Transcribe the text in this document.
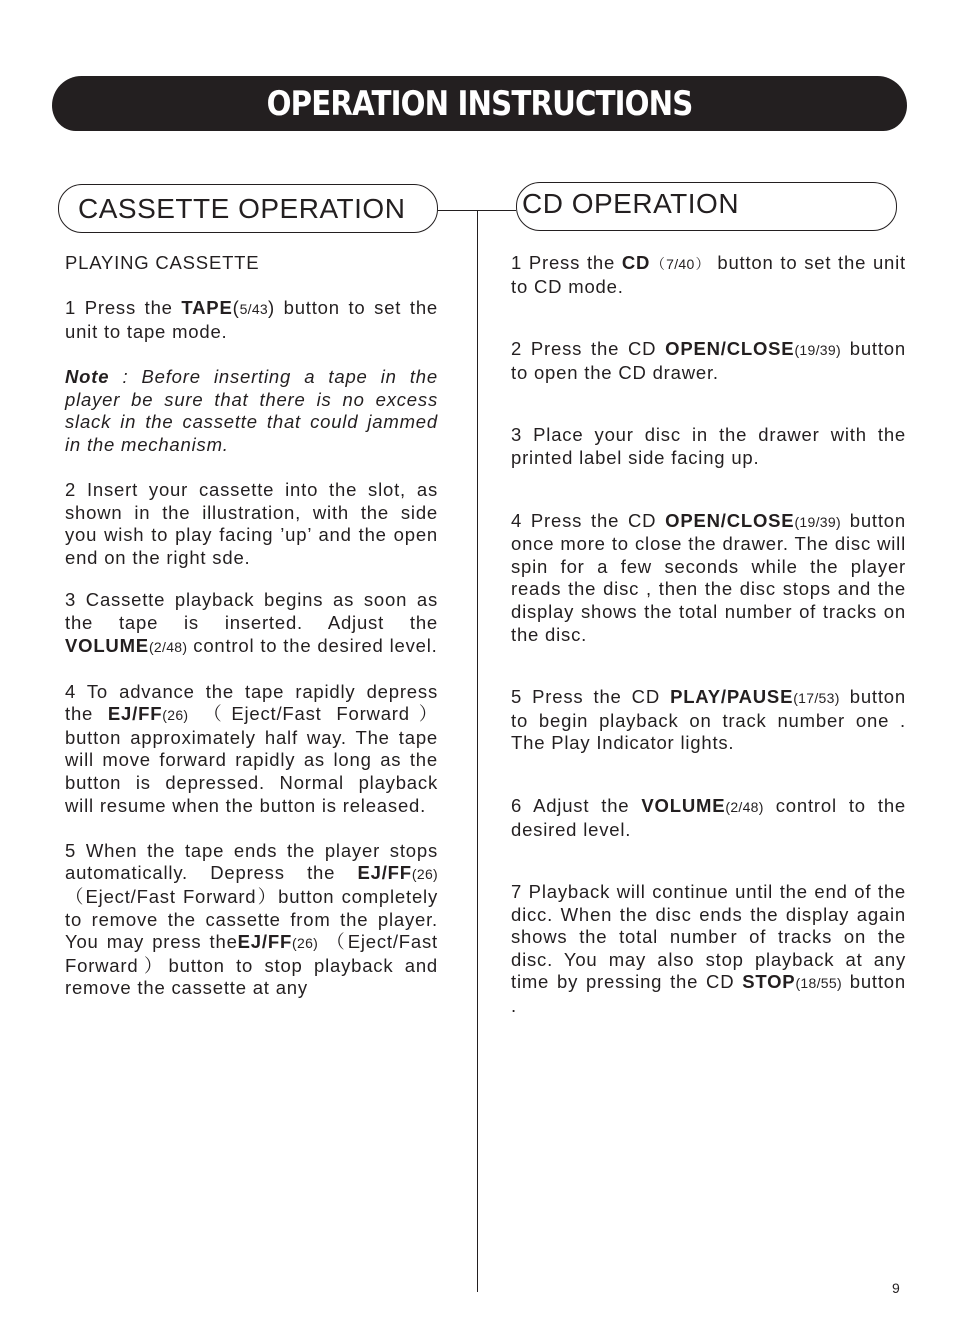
OPERATION INSTRUCTIONS
CASSETTE OPERATION	CD OPERATION

PLAYING CASSETTE

1 Press the TAPE(5/43) button to set the unit to tape mode.

Note : Before inserting a tape in the player be sure that there is no excess slack in the cassette that could jammed in the mechanism.

2 Insert your cassette into the slot, as shown in the illustration, with the side you wish to play facing ’up’ and the open end on the right sde.

3 Cassette playback begins as soon as the tape is inserted. Adjust the VOLUME(2/48) control to the desired level.

4 To advance the tape rapidly depress the EJ/FF(26) （Eject/Fast Forward）button approximately half way. The tape will move forward rapidly as long as the button is depressed. Normal playback will resume when the button is released.

5 When the tape ends the player stops automatically. Depress the EJ/FF(26)（Eject/Fast Forward）button completely to remove the cassette from the player. You may press theEJ/FF(26) （Eject/Fast Forward）button to stop playback and remove the cassette at any

1 Press the CD（7/40） button to set the unit to CD mode.

2 Press the CD OPEN/CLOSE(19/39) button to open the CD drawer.

3 Place your disc in the drawer with the printed label side facing up.

4 Press the CD OPEN/CLOSE(19/39) button once more to close the drawer. The disc will spin for a few seconds while the player reads the disc , then the disc stops and the display shows the total number of tracks on the disc.

5 Press the CD PLAY/PAUSE(17/53) button to begin playback on track number one . The Play Indicator lights.

6 Adjust the VOLUME(2/48) control to the desired level.

7 Playback will continue until the end of the dicc. When the disc ends the display again shows the total number of tracks on the disc. You may also stop playback at any time by pressing the CD STOP(18/55) button .

9
